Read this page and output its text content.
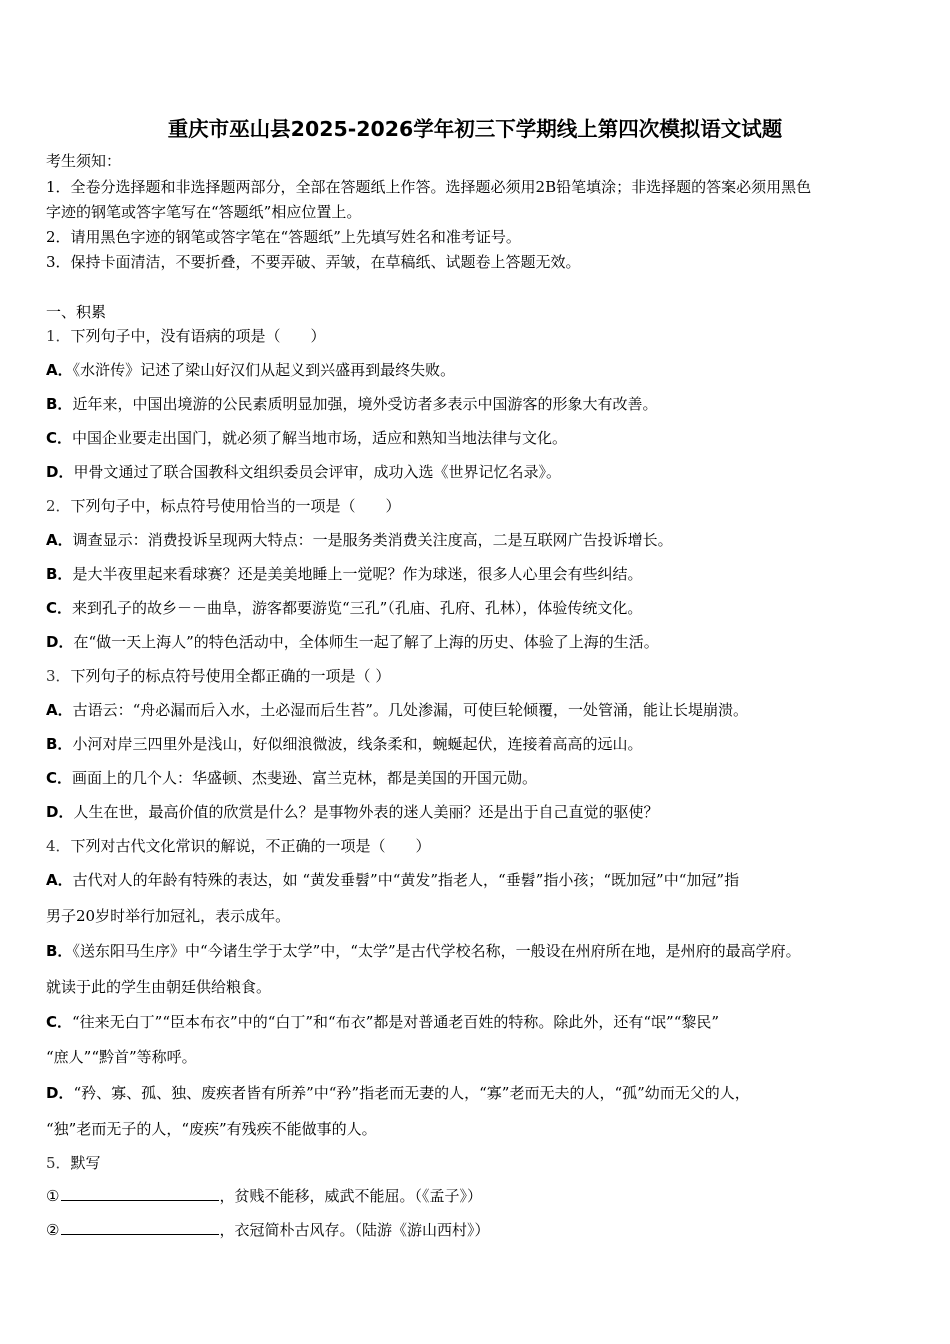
重庆市巫山县2025-2026学年初三下学期线上第四次模拟语文试题
考生须知：
1．全卷分选择题和非选择题两部分，全部在答题纸上作答。选择题必须用2B铅笔填涂；非选择题的答案必须用黑色
字迹的钢笔或答字笔写在“答题纸”相应位置上。
2．请用黑色字迹的钢笔或答字笔在“答题纸”上先填写姓名和准考证号。
3．保持卡面清洁，不要折叠，不要弄破、弄皱，在草稿纸、试题卷上答题无效。
一、积累
1．下列句子中，没有语病的项是（　　）
A．《水浒传》记述了梁山好汉们从起义到兴盛再到最终失败。
B．近年来，中国出境游的公民素质明显加强，境外受访者多表示中国游客的形象大有改善。
C．中国企业要走出国门，就必须了解当地市场，适应和熟知当地法律与文化。
D．甲骨文通过了联合国教科文组织委员会评审，成功入选《世界记忆名录》。
2．下列句子中，标点符号使用恰当的一项是（　　）
A．调查显示：消费投诉呈现两大特点：一是服务类消费关注度高，二是互联网广告投诉增长。
B．是大半夜里起来看球赛？还是美美地睡上一觉呢？作为球迷，很多人心里会有些纠结。
C．来到孔子的故乡－－曲阜，游客都要游览“三孔”（孔庙、孔府、孔林），体验传统文化。
D．在“做一天上海人”的特色活动中，全体师生一起了解了上海的历史、体验了上海的生活。
3．下列句子的标点符号使用全都正确的一项是（ ）
A．古语云：“舟必漏而后入水，土必湿而后生苔”。几处渗漏，可使巨轮倾覆，一处管涌，能让长堤崩溃。
B．小河对岸三四里外是浅山，好似细浪微波，线条柔和，蜿蜒起伏，连接着高高的远山。
C．画面上的几个人：华盛顿、杰斐逊、富兰克林，都是美国的开国元勋。
D．人生在世，最高价值的欣赏是什么？是事物外表的迷人美丽？还是出于自己直觉的驱使？
4．下列对古代文化常识的解说，不正确的一项是（　　）
A．古代对人的年龄有特殊的表达，如 “黄发垂髫”中“黄发”指老人，“垂髫”指小孩；“既加冠”中“加冠”指
男子20岁时举行加冠礼，表示成年。
B．《送东阳马生序》中“今诸生学于太学”中，“太学”是古代学校名称，一般设在州府所在地，是州府的最高学府。
就读于此的学生由朝廷供给粮食。
C．“往来无白丁”“臣本布衣”中的“白丁”和“布衣”都是对普通老百姓的特称。除此外，还有“氓”“黎民”
“庶人”“黔首”等称呼。
D．“矜、寡、孤、独、废疾者皆有所养”中“矜”指老而无妻的人，“寡”老而无夫的人，“孤”幼而无父的人，
“独”老而无子的人，“废疾”有残疾不能做事的人。
5．默写
①	，贫贱不能移，威武不能屈。（《孟子》）
②	，衣冠简朴古风存。（陆游《游山西村》）
